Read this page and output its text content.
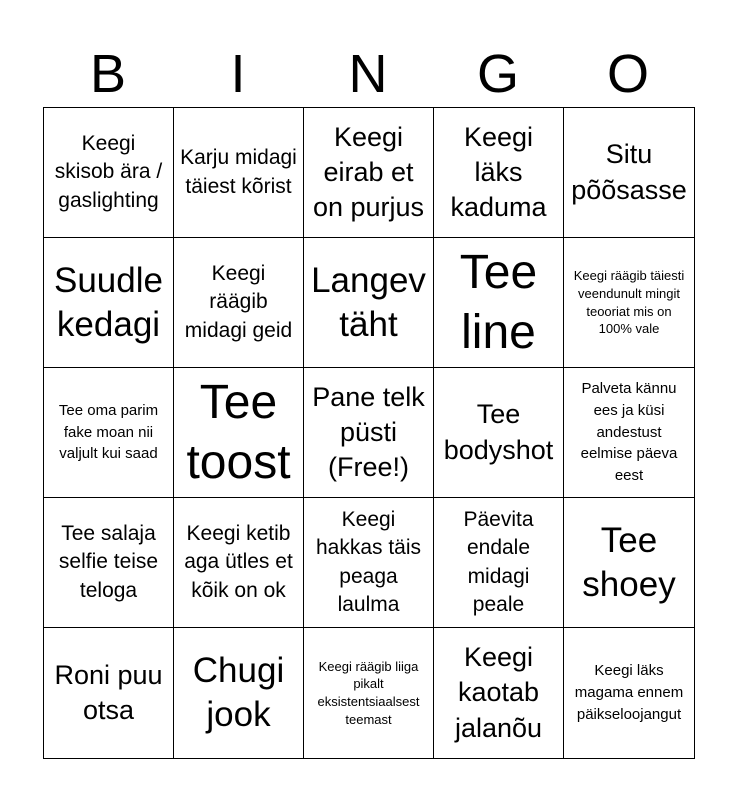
B	I	N	G	O
Keegi skisob ära / gaslighting
Karju midagi täiest kõrist
Keegi eirab et on purjus
Keegi läks kaduma
Situ põõsasse
Suudle kedagi
Keegi räägib midagi geid
Langev täht
Tee line
Keegi räägib täiesti veendunult mingit teooriat mis on 100% vale
Tee oma parim fake moan nii valjult kui saad
Tee toost
Pane telk püsti (Free!)
Tee bodyshot
Palveta kännu ees ja küsi andestust eelmise päeva eest
Tee salaja selfie teise teloga
Keegi ketib aga ütles et kõik on ok
Keegi hakkas täis peaga laulma
Päevita endale midagi peale
Tee shoey
Roni puu otsa
Chugi jook
Keegi räägib liiga pikalt eksistentsiaalsest teemast
Keegi kaotab jalanõu
Keegi läks magama ennem päikseloojangut
